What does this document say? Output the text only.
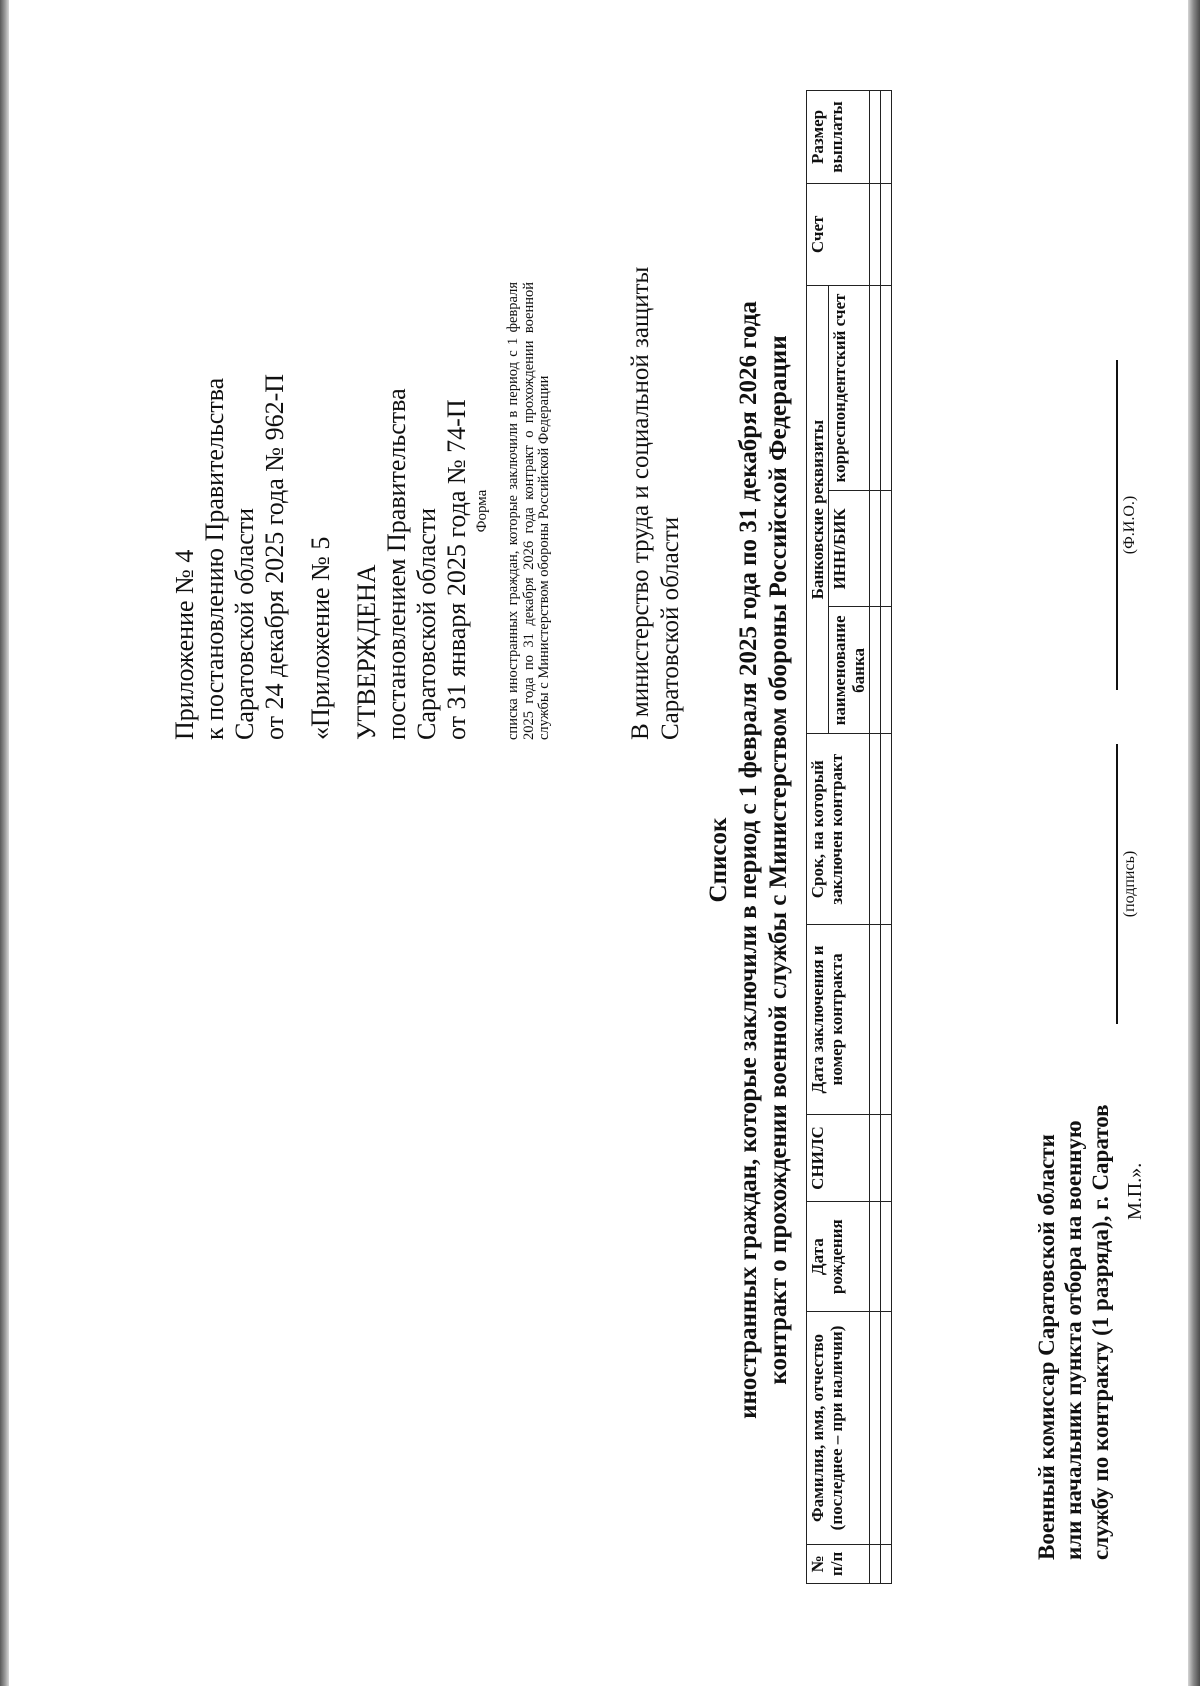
Приложение № 4 к постановлению Правительства Саратовской области от 24 декабря 2025 года № 962-П «Приложение № 5 УТВЕРЖДЕНА постановлением Правительства Саратовской области от 31 января 2025 года № 74-П Форма списка иностранных граждан, которые заключили в период с 1 февраля 2025 года по 31 декабря 2026 года контракт о прохождении военной службы с Министерством обороны Российской Федерации	В министерство труда и социальной защиты Саратовской области
Список иностранных граждан, которые заключили в период с 1 февраля 2025 года по 31 декабря 2026 года контракт о прохождении военной службы с Министерством обороны Российской Федерации
№ п/п	Фамилия, имя, отчество (последнее – при наличии)	Дата рождения	СНИЛС	Дата заключения и номер контракта	Срок, на который заключен контракт	Банковские реквизиты			Счет	Размер выплаты
						наименование банка	ИНН/БИК	корреспондентский счет		

Военный комиссар Саратовской области или начальник пункта отбора на военную службу по контракту (1 разряда), г. Саратов
(подпись)
(Ф.И.О.)
М.П.».
